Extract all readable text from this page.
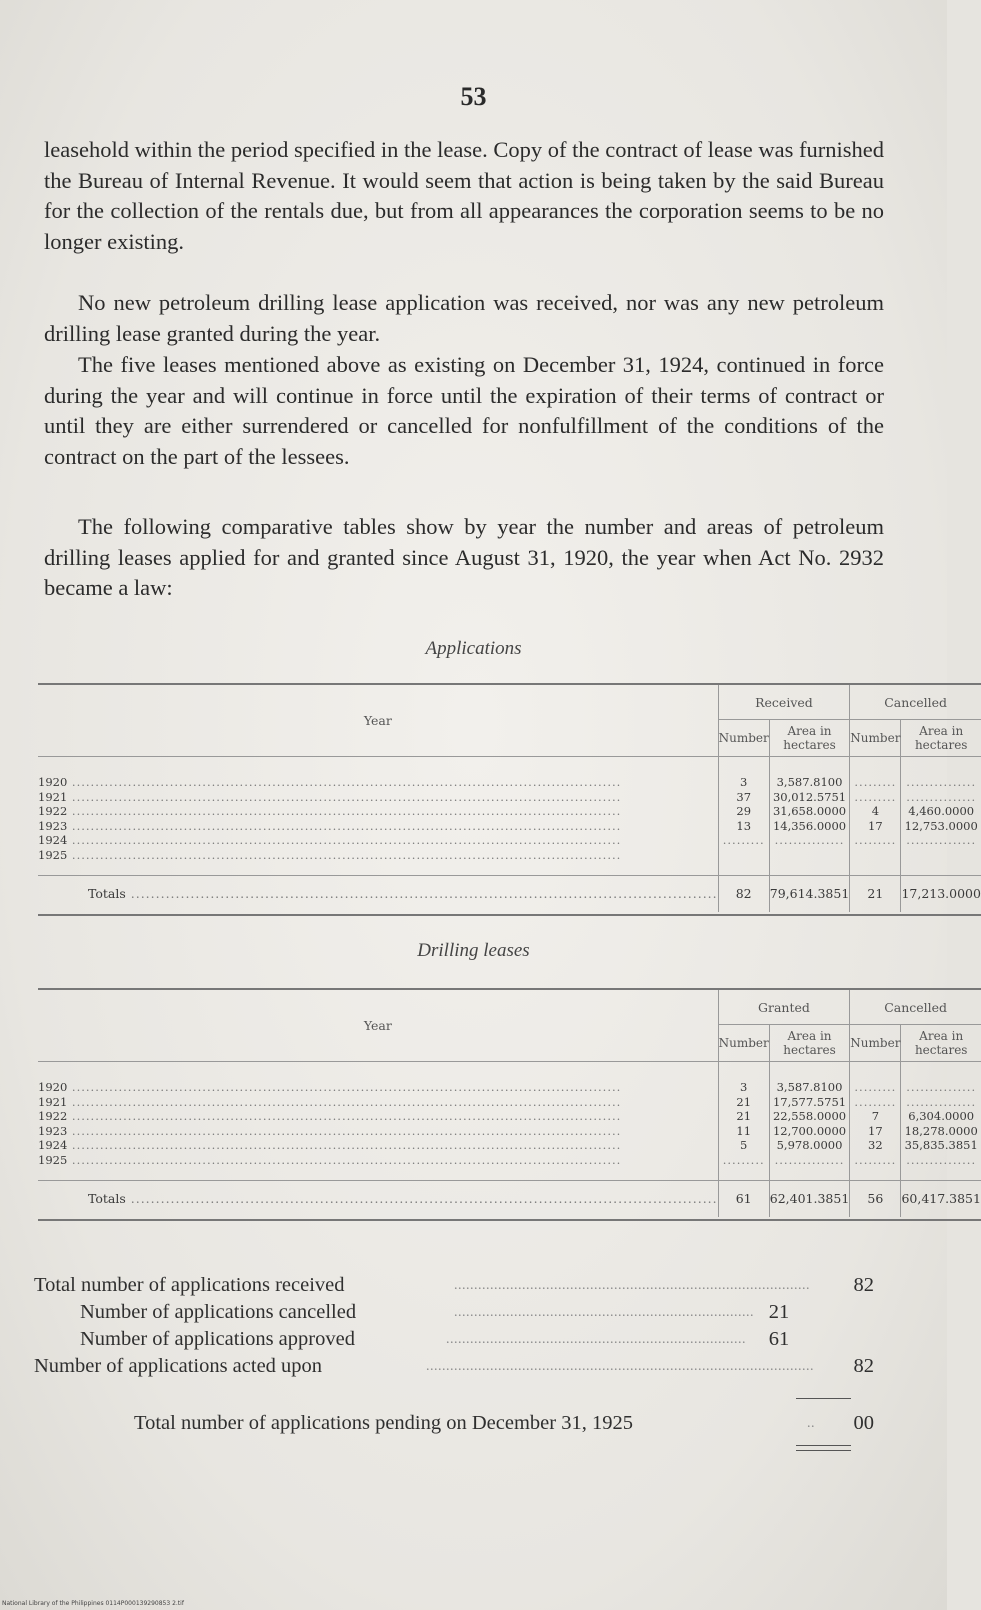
53
leasehold within the period specified in the lease. Copy of the contract of lease was furnished the Bureau of Internal Revenue. It would seem that action is being taken by the said Bureau for the collection of the rentals due, but from all appearances the corporation seems to be no longer existing.
No new petroleum drilling lease application was received, nor was any new petroleum drilling lease granted during the year.
The five leases mentioned above as existing on December 31, 1924, continued in force during the year and will continue in force until the expiration of their terms of contract or until they are either surrendered or cancelled for nonfulfillment of the conditions of the contract on the part of the lessees.
The following comparative tables show by year the number and areas of petroleum drilling leases applied for and granted since August 31, 1920, the year when Act No. 2932 became a law:
Applications
Year	Received		Cancelled	
	Number	Area in hectares	Number	Area in hectares

1920 .....	3	3,587.8100	.........	...............

1921 .....	37	30,012.5751	.........	...............

1922 .....	29	31,658.0000	4	4,460.0000

1923 .....	13	14,356.0000	17	12,753.0000

1924 .....	.........	...............	.........	...............

1925 .....

Totals .....	82	79,614.3851	21	17,213.0000

Drilling leases
Year	Granted		Cancelled	
	Number	Area in hectares	Number	Area in hectares

1920 .....	3	3,587.8100	.........	...............

1921 .....	21	17,577.5751	.........	...............

1922 .....	21	22,558.0000	7	6,304.0000

1923 .....	11	12,700.0000	17	18,278.0000

1924 .....	5	5,978.0000	32	35,835.3851

1925 .....	.........	...............	.........	...............

Totals .....	61	62,401.3851	56	60,417.3851

Total number of applications received	.........................................................................................	82
Number of applications cancelled	........................................................................... 21
Number of applications approved	...........................................................................	61
Number of applications acted upon	.................................................................................................	82
Total number of applications pending on December 31, 1925	..	00
National Library of the Philippines 0114P000139290853 2.tif
